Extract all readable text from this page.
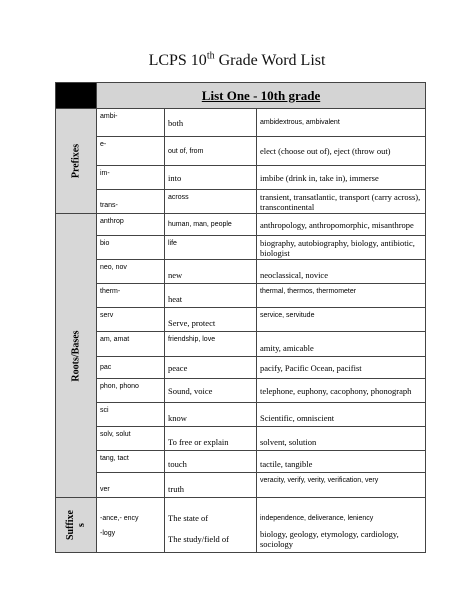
LCPS 10th Grade Word List
	List One - 10th grade		

Prefixes	ambi-	both	ambidextrous, ambivalent
	e-	out of, from	elect (choose out of), eject (throw out)
	im-	into	imbibe (drink in, take in), immerse
	trans-	across	transient, transatlantic, transport (carry across), transcontinental

Roots/Bases	anthrop	human, man, people	anthropology, anthropomorphic, misanthrope
	bio	life	biography, autobiography, biology, antibiotic, biologist
	neo, nov	new	neoclassical, novice
	therm-	heat	thermal, thermos, thermometer
	serv	Serve, protect	service, servitude
	am, amat	friendship, love	amity, amicable
	pac	peace	pacify, Pacific Ocean, pacifist
	phon, phono	Sound, voice	telephone, euphony, cacophony, phonograph
	sci	know	Scientific, omniscient
	solv, solut	To free or explain	solvent, solution
	tang, tact	touch	tactile, tangible
	ver	truth	veracity, verify, verity, verification, very

Suffixe
s	-ance,- ency	The state of	independence, deliverance, leniency
	-logy	The study/field of	biology, geology, etymology, cardiology, sociology
